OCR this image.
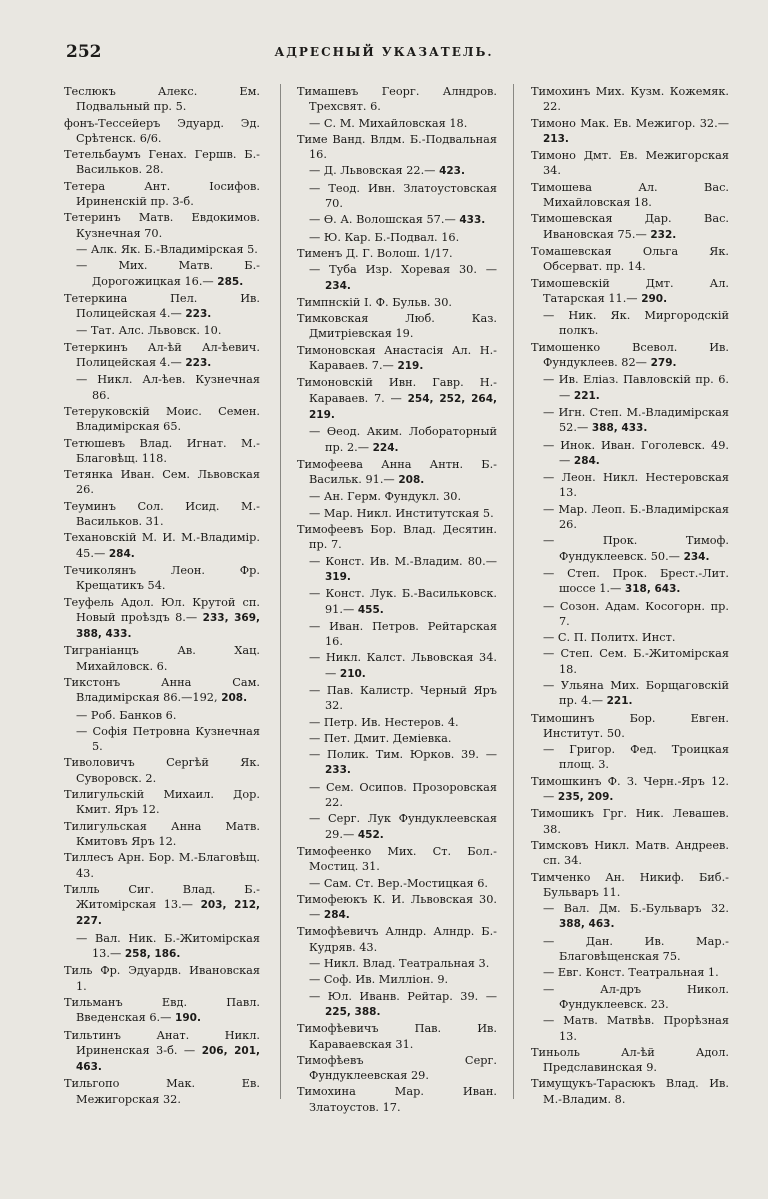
252	АДРЕСНЫЙ УКАЗАТЕЛЬ.

Теслюкъ Алекс. Ем. Подвальный пр. 5.

фонъ-Тессейеръ Эдуард. Эд. Срѣтенск. 6/6.

Тетельбаумъ Генах. Гершв. Б.-Васильков. 28.

Тетера Ант. Іосифов. Ириненскій пр. 3-б.

Тетеринъ Матв. Евдокимов. Кузнечная 70.

— Алк. Як. Б.-Владимірская 5.

— Мих. Матв. Б.-Дорогожицкая 16.— 285.

Тетеркина Пел. Ив. Полицейская 4.— 223.

— Тат. Алс. Львовск. 10.

Тетеркинъ Ал-ѣй Ал-ѣевич. Полицейская 4.— 223.

— Никл. Ал-ѣев. Кузнечная 86.

Тетеруковскій Моис. Семен. Владимірская 65.

Тетюшевъ Влад. Игнат. М.-Благовѣщ. 118.

Тетянка Иван. Сем. Львовская 26.

Теуминъ Сол. Исид. М.-Васильков. 31.

Техановскій М. И. М.-Владимір. 45.— 284.

Течиколянъ Леон. Фр. Крещатикъ 54.

Теуфель Адол. Юл. Крутой сп. Новый проѣздъ 8.— 233, 369, 388, 433.

Тиграніанцъ Ав. Хац. Михайловск. 6.

Тикстонъ Анна Сам. Владимірская 86.—192, 208.

— Роб. Банков 6.

— Софія Петровна Кузнечная 5.

Тиволовичъ Сергѣй Як. Суворовск. 2.

Тилигульскій Михаил. Дор. Кмит. Яръ 12.

Тилигульская Анна Матв. Кмитовъ Яръ 12.

Тиллесъ Арн. Бор. М.-Благовѣщ. 43.

Тилль Сиг. Влад. Б.-Житомірская 13.— 203, 212, 227.

— Вал. Ник. Б.-Житомірская 13.— 258, 186.

Тиль Фр. Эдуардв. Ивановская 1.

Тильманъ Евд. Павл. Введенская 6.— 190.

Тильтинъ Анат. Никл. Ириненская 3-б. — 206, 201, 463.

Тильгопо Мак. Ев. Межигорская 32.

Тимашевъ Георг. Алндров. Трехсвят. 6.

— С. М. Михайловская 18.

Тиме Ванд. Влдм. Б.-Подвальная 16.

— Д. Львовская 22.— 423.

— Теод. Ивн. Златоустовская 70.

— Ѳ. А. Волошская 57.— 433.

— Ю. Кар. Б.-Подвал. 16.

Тименъ Д. Г. Волош. 1/17.

— Туба Изр. Хоревая 30. — 234.

Тимпнскій І. Ф. Бульв. 30.

Тимковская Люб. Каз. Дмитріевская 19.

Тимоновская Анастасія Ал. Н.-Караваев. 7.— 219.

Тимоновскій Ивн. Гавр. Н.-Караваев. 7. — 254, 252, 264, 219.

— Ѳеод. Аким. Лобораторный пр. 2.— 224.

Тимофеева Анна Антн. Б.-Васильк. 91.— 208.

— Ан. Герм. Фундукл. 30.

— Мар. Никл. Институтская 5.

Тимофеевъ Бор. Влад. Десятин. пр. 7.

— Конст. Ив. М.-Владим. 80.— 319.

— Конст. Лук. Б.-Васильковск. 91.— 455.

— Иван. Петров. Рейтарская 16.

— Никл. Калст. Львовская 34.— 210.

— Пав. Калистр. Черный Яръ 32.

— Петр. Ив. Нестеров. 4.

— Пет. Дмит. Деміевка.

— Полик. Тим. Юрков. 39. — 233.

— Сем. Осипов. Прозоровская 22.

— Серг. Лук Фундуклеевская 29.— 452.

Тимофеенко Мих. Ст. Бол.-Мостиц. 31.

— Сам. Ст. Вер.-Мостицкая 6.

Тимофеюкъ К. И. Львовская 30.— 284.

Тимофѣевичъ Алндр. Алндр. Б.-Кудряв. 43.

— Никл. Влад. Театральная 3.

— Соф. Ив. Милліон. 9.

— Юл. Иванв. Рейтар. 39. — 225, 388.

Тимофѣевичъ Пав. Ив. Караваевская 31.

Тимофѣевъ Серг. Фундуклеевская 29.

Тимохина Мар. Иван. Златоустов. 17.

Тимохинъ Мих. Кузм. Кожемяк. 22.

Тимоно Мак. Ев. Межигор. 32.— 213.

Тимоно Дмт. Ев. Межигорская 34.

Тимошева Ал. Вас. Михайловская 18.

Тимошевская Дар. Вас. Ивановская 75.— 232.

Томашевская Ольга Як. Обсерват. пр. 14.

Тимошевскій Дмт. Ал. Татарская 11.— 290.

— Ник. Як. Миргородскій полкъ.

Тимошенко Всевол. Ив. Фундуклеев. 82— 279.

— Ив. Еліаз. Павловскій пр. 6.— 221.

— Игн. Степ. М.-Владимірская 52.— 388, 433.

— Инок. Иван. Гоголевск. 49.— 284.

— Леон. Никл. Нестеровская 13.

— Мар. Леоп. Б.-Владимірская 26.

— Прок. Тимоф. Фундуклеевск. 50.— 234.

— Степ. Прок. Брест.-Лит. шоссе 1.— 318, 643.

— Созон. Адам. Косогорн. пр. 7.

— С. П. Политх. Инст.

— Степ. Сем. Б.-Житомірская 18.

— Ульяна Мих. Борщаговскій пр. 4.— 221.

Тимошинъ Бор. Евген. Институт. 50.

— Григор. Фед. Троицкая площ. 3.

Тимошкинъ Ф. З. Черн.-Яръ 12.— 235, 209.

Тимошикъ Грг. Ник. Левашев. 38.

Тимсковъ Никл. Матв. Андреев. сп. 34.

Тимченко Ан. Никиф. Биб.-Бульваръ 11.

— Вал. Дм. Б.-Бульваръ 32. 388, 463.

— Дан. Ив. Мар.-Благовѣщенская 75.

— Евг. Конст. Театральная 1.

— Ал-дръ Никол. Фундуклеевск. 23.

— Матв. Матвѣв. Прорѣзная 13.

Тиньоль Ал-ѣй Адол. Предславинская 9.

Тимущукъ-Тарасюкъ Влад. Ив. М.-Владим. 8.
